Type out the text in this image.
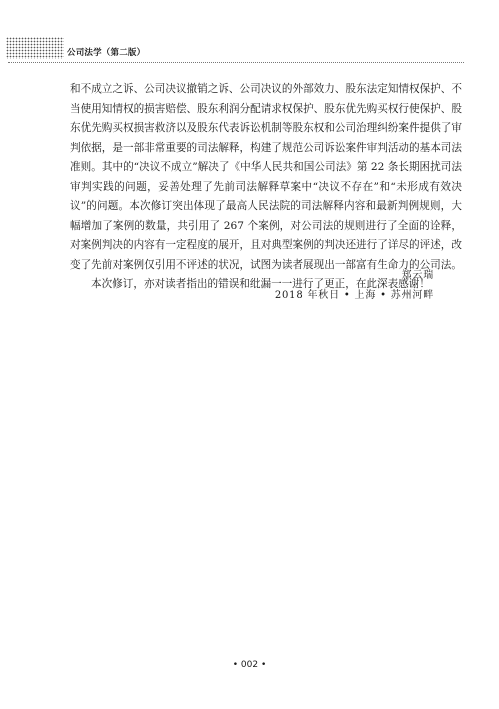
公司法学（第二版）

和不成立之诉、公司决议撤销之诉、公司决议的外部效力、股东法定知情权保护、不当使用知情权的损害赔偿、股东利润分配请求权保护、股东优先购买权行使保护、股东优先购买权损害救济以及股东代表诉讼机制等股东权和公司治理纠纷案件提供了审判依据，是一部非常重要的司法解释，构建了规范公司诉讼案件审判活动的基本司法准则。其中的“决议不成立”解决了《中华人民共和国公司法》第 22 条长期困扰司法审判实践的问题，妥善处理了先前司法解释草案中“决议不存在”和“未形成有效决议”的问题。本次修订突出体现了最高人民法院的司法解释内容和最新判例规则，大幅增加了案例的数量，共引用了 267 个案例，对公司法的规则进行了全面的诠释，对案例判决的内容有一定程度的展开，且对典型案例的判决还进行了详尽的评述，改变了先前对案例仅引用不评述的状况，试图为读者展现出一部富有生命力的公司法。

本次修订，亦对读者指出的错误和纰漏一一进行了更正，在此深表感谢！

郑云瑞
2018 年秋日 • 上海 • 苏州河畔
• 002 •
